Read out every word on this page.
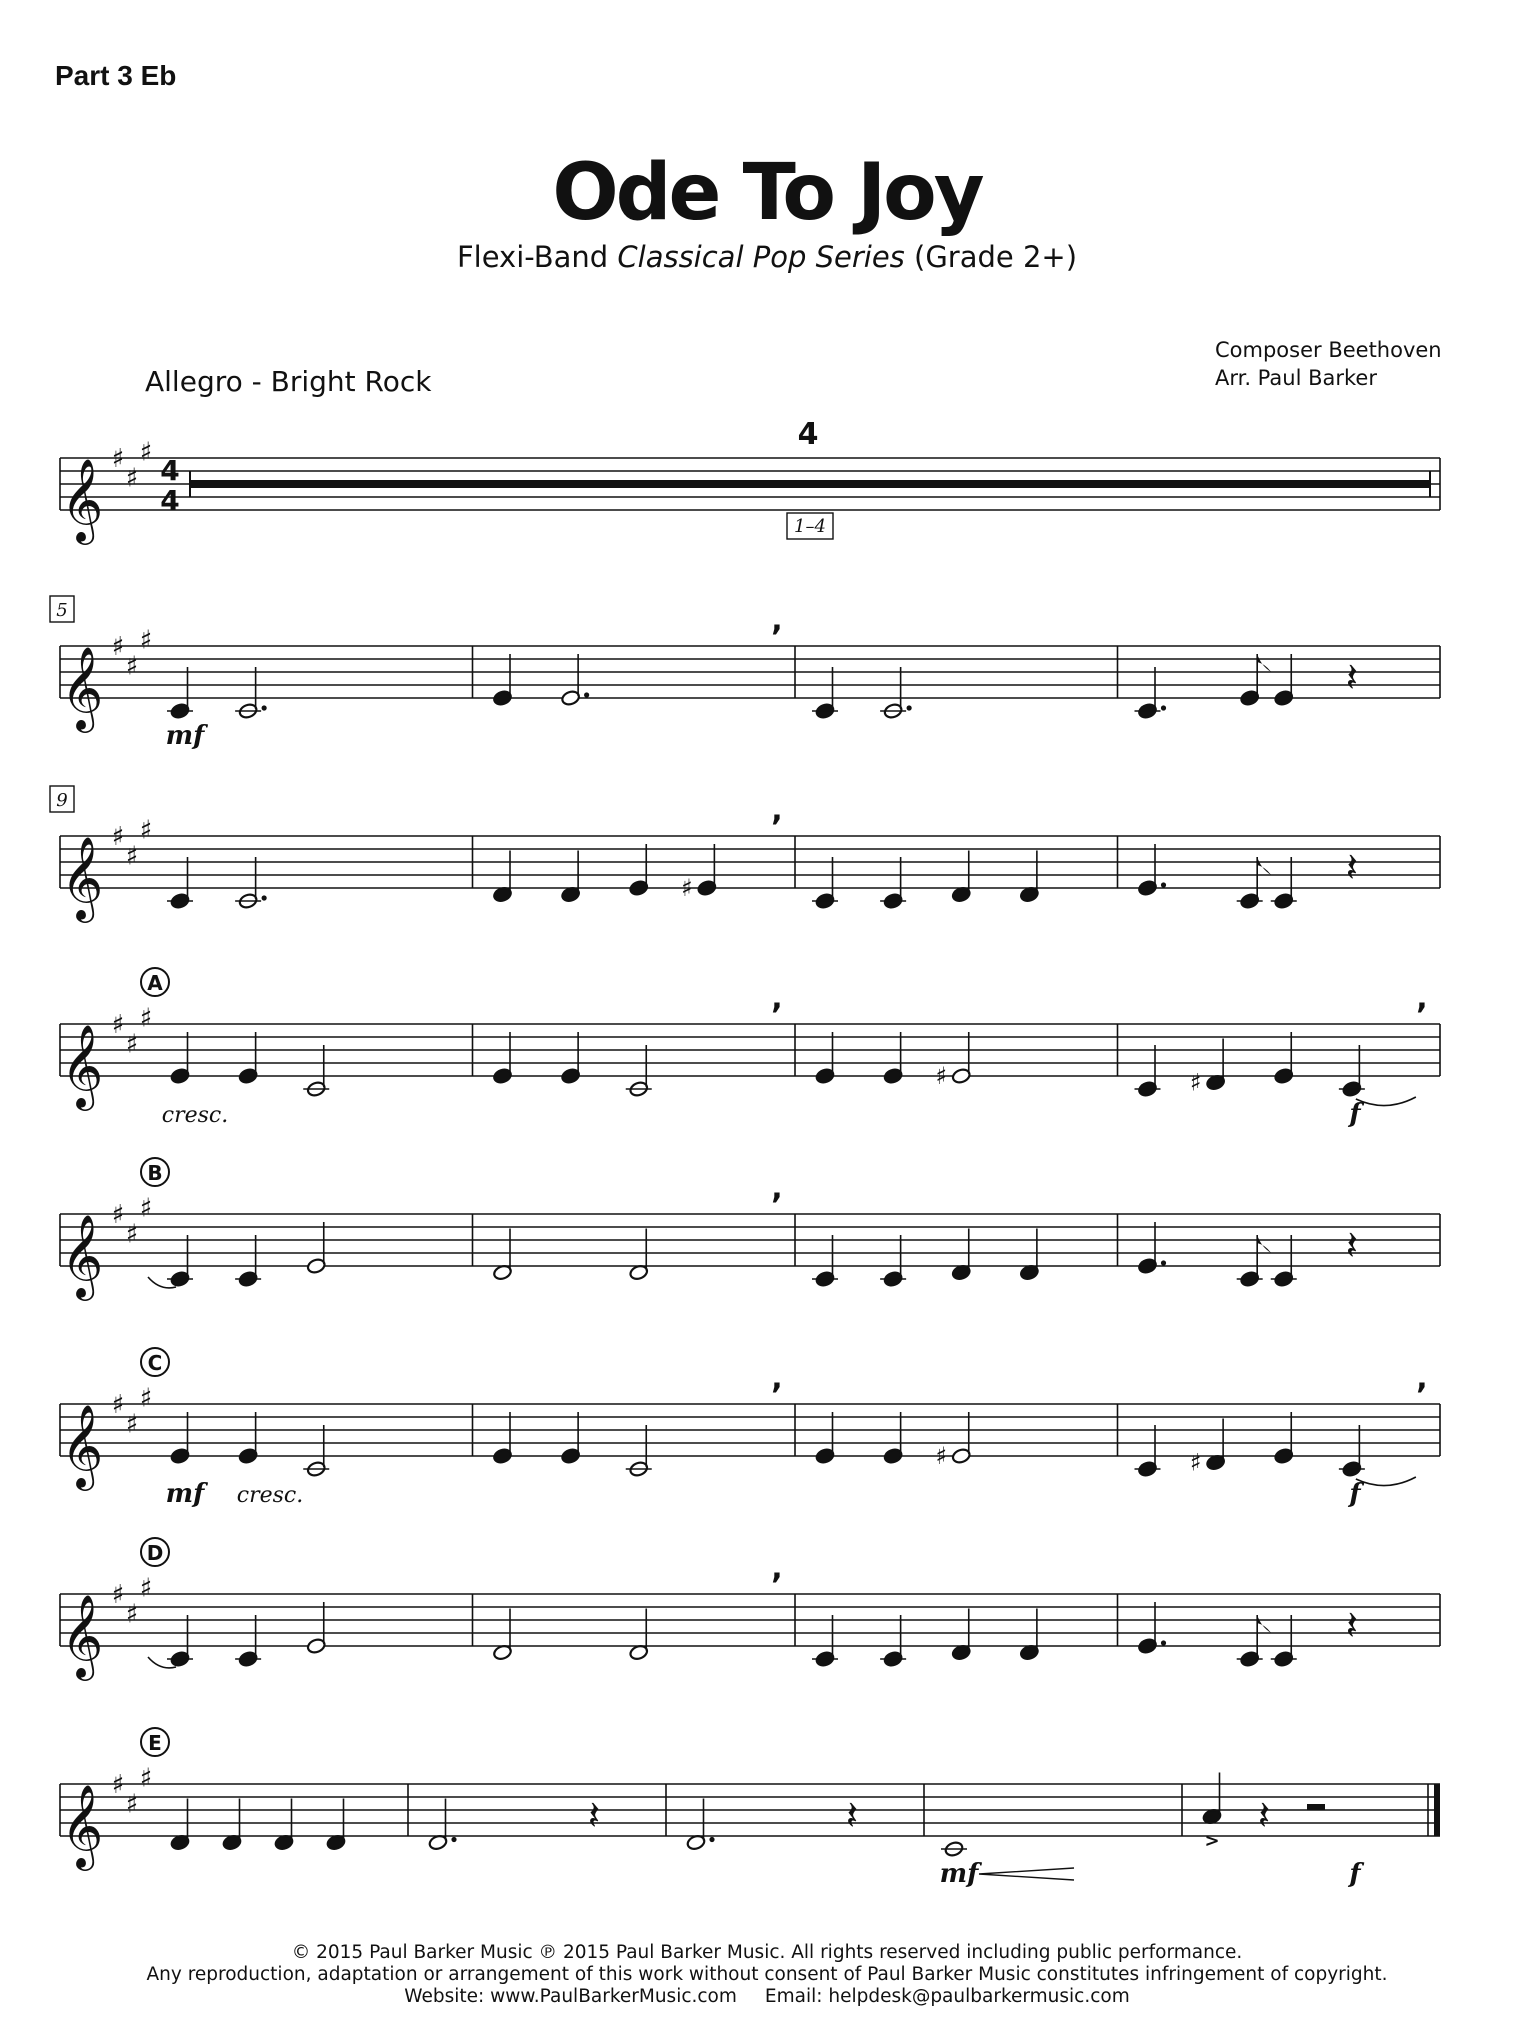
Part 3 Eb
Ode To Joy
Flexi-Band Classical Pop Series (Grade 2+)
Allegro - Bright Rock
Composer Beethoven
Arr. Paul Barker
𝄞 ♯
♯
♯
4
4
4
1–4
𝄞 ♯
♯
♯
5
𝄽
,
mf
𝄞 ♯
♯
♯
9
♯	𝄽
,
𝄞 ♯
♯
♯
A
♯	♯
,	,
cresc.	f
𝄞 ♯
♯
♯
B
𝄽
,
𝄞 ♯
♯
♯
C
♯	♯
,	,
mf cresc.	f
𝄞 ♯
♯
♯
D
𝄽
,
𝄞 ♯
♯
♯
E
𝄽	𝄽
>
𝄽
mf	f
© 2015 Paul Barker Music ℗ 2015 Paul Barker Music. All rights reserved including public performance.
Any reproduction, adaptation or arrangement of this work without consent of Paul Barker Music constitutes infringement of copyright.
Website: www.PaulBarkerMusic.com Email: helpdesk@paulbarkermusic.com
